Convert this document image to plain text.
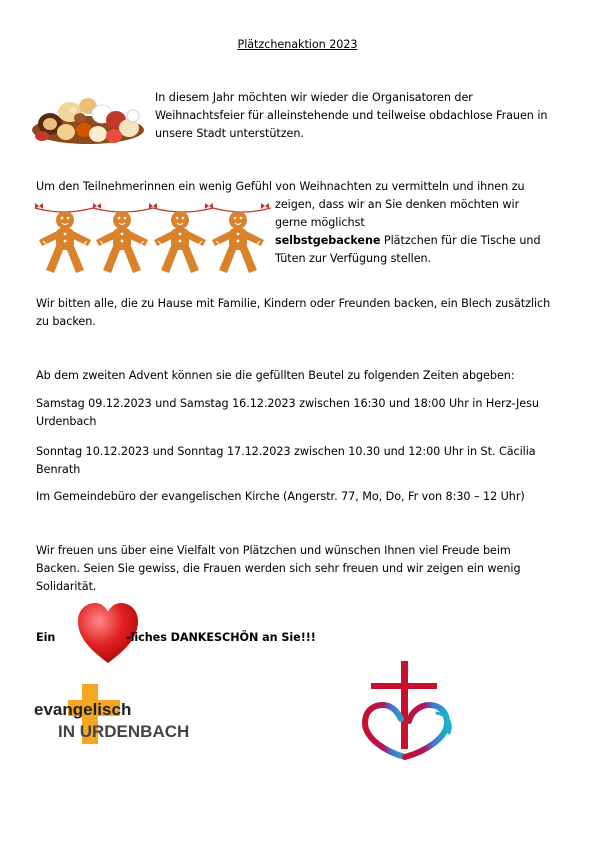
Plätzchenaktion 2023
In diesem Jahr möchten wir wieder die Organisatoren der Weihnachtsfeier für alleinstehende und teilweise obdachlose Frauen in unsere Stadt unterstützen.
Um den Teilnehmerinnen ein wenig Gefühl von Weihnachten zu vermitteln und ihnen zu
zeigen, dass wir an Sie denken möchten wir
gerne möglichst
selbstgebackene Plätzchen für die Tische und
Tüten zur Verfügung stellen.
Wir bitten alle, die zu Hause mit Familie, Kindern oder Freunden backen, ein Blech zusätzlich zu backen.
Ab dem zweiten Advent können sie die gefüllten Beutel zu folgenden Zeiten abgeben:
Samstag 09.12.2023 und Samstag 16.12.2023 zwischen 16:30 und 18:00 Uhr in Herz-Jesu Urdenbach
Sonntag 10.12.2023 und Sonntag 17.12.2023 zwischen 10.30 und 12:00 Uhr in St. Cäcilia Benrath
Im Gemeindebüro der evangelischen Kirche (Angerstr. 77, Mo, Do, Fr von 8:30 – 12 Uhr)
Wir freuen uns über eine Vielfalt von Plätzchen und wünschen Ihnen viel Freude beim Backen. Seien Sie gewiss, die Frauen werden sich sehr freuen und wir zeigen ein wenig Solidarität.
Ein	-liches DANKESCHÖN an Sie!!!
evangelisch
IN URDENBACH
